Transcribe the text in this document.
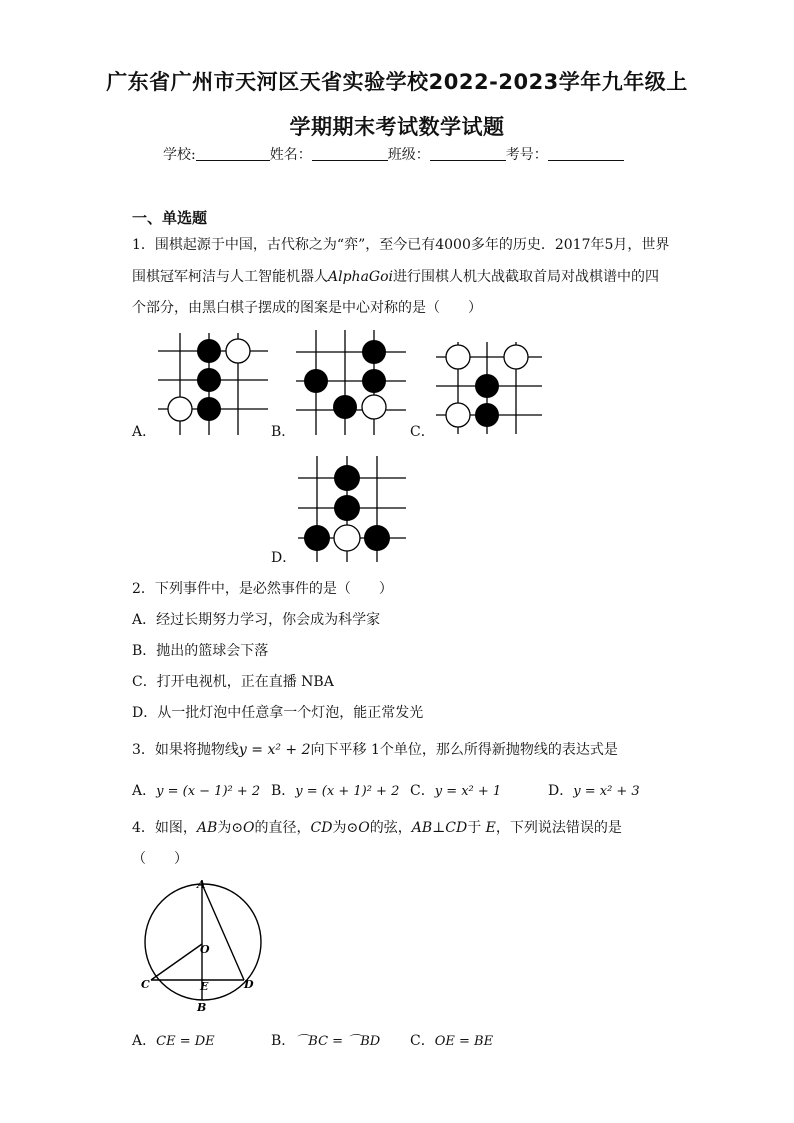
广东省广州市天河区天省实验学校2022-2023学年九年级上
学期期末考试数学试题
学校:	姓名：	班级：	考号：
一、单选题
1．围棋起源于中国，古代称之为“弈”，至今已有4000多年的历史．2017年5月，世界
围棋冠军柯洁与人工智能机器人AlphaGoi进行围棋人机大战截取首局对战棋谱中的四
个部分，由黑白棋子摆成的图案是中心对称的是（　　）
A．	B．	C．
D．
2．下列事件中，是必然事件的是（　　）
A．经过长期努力学习，你会成为科学家
B．抛出的篮球会下落
C．打开电视机，正在直播 NBA
D．从一批灯泡中任意拿一个灯泡，能正常发光
3．如果将抛物线y = x² + 2向下平移 1个单位，那么所得新抛物线的表达式是
A．y = (x − 1)² + 2 B．y = (x + 1)² + 2 C．y = x² + 1	D．y = x² + 3
4．如图，AB为⊙O的直径，CD为⊙O的弦，AB⊥CD于 E，下列说法错误的是
（　　）
A
O
C	E	D
B
A．CE = DE	B．⌒BC = ⌒BD C．OE = BE
